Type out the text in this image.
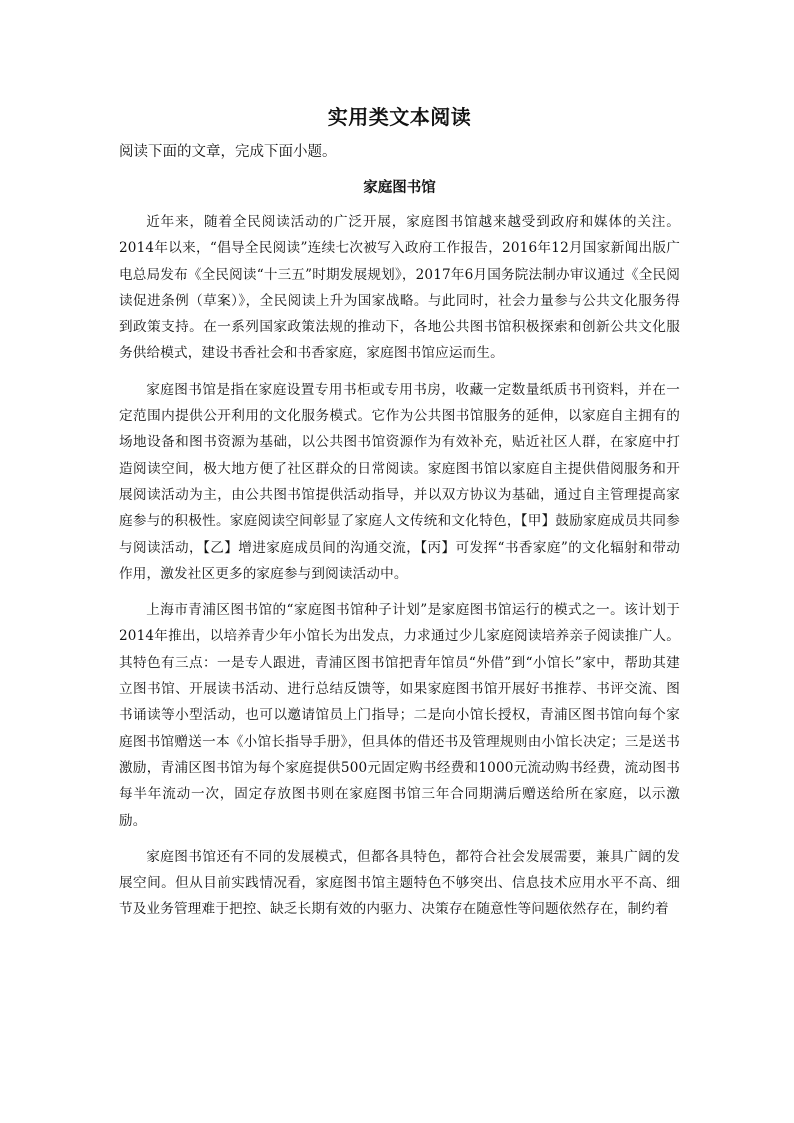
实用类文本阅读
阅读下面的文章，完成下面小题。
家庭图书馆

近年来，随着全民阅读活动的广泛开展，家庭图书馆越来越受到政府和媒体的关注。2014年以来，“倡导全民阅读”连续七次被写入政府工作报告，2016年12月国家新闻出版广电总局发布《全民阅读“十三五”时期发展规划》，2017年6月国务院法制办审议通过《全民阅读促进条例（草案）》，全民阅读上升为国家战略。与此同时，社会力量参与公共文化服务得到政策支持。在一系列国家政策法规的推动下，各地公共图书馆积极探索和创新公共文化服务供给模式，建设书香社会和书香家庭，家庭图书馆应运而生。

家庭图书馆是指在家庭设置专用书柜或专用书房，收藏一定数量纸质书刊资料，并在一定范围内提供公开利用的文化服务模式。它作为公共图书馆服务的延伸，以家庭自主拥有的场地设备和图书资源为基础，以公共图书馆资源作为有效补充，贴近社区人群，在家庭中打造阅读空间，极大地方便了社区群众的日常阅读。家庭图书馆以家庭自主提供借阅服务和开展阅读活动为主，由公共图书馆提供活动指导，并以双方协议为基础，通过自主管理提高家庭参与的积极性。家庭阅读空间彰显了家庭人文传统和文化特色，【甲】鼓励家庭成员共同参与阅读活动，【乙】增进家庭成员间的沟通交流，【丙】可发挥“书香家庭”的文化辐射和带动作用，激发社区更多的家庭参与到阅读活动中。

上海市青浦区图书馆的“家庭图书馆种子计划”是家庭图书馆运行的模式之一。该计划于2014年推出，以培养青少年小馆长为出发点，力求通过少儿家庭阅读培养亲子阅读推广人。其特色有三点：一是专人跟进，青浦区图书馆把青年馆员“外借”到“小馆长”家中，帮助其建立图书馆、开展读书活动、进行总结反馈等，如果家庭图书馆开展好书推荐、书评交流、图书诵读等小型活动，也可以邀请馆员上门指导；二是向小馆长授权，青浦区图书馆向每个家庭图书馆赠送一本《小馆长指导手册》，但具体的借还书及管理规则由小馆长决定；三是送书激励，青浦区图书馆为每个家庭提供500元固定购书经费和1000元流动购书经费，流动图书每半年流动一次，固定存放图书则在家庭图书馆三年合同期满后赠送给所在家庭，以示激励。

家庭图书馆还有不同的发展模式，但都各具特色，都符合社会发展需要，兼具广阔的发展空间。但从目前实践情况看，家庭图书馆主题特色不够突出、信息技术应用水平不高、细节及业务管理难于把控、缺乏长期有效的内驱力、决策存在随意性等问题依然存在，制约着
